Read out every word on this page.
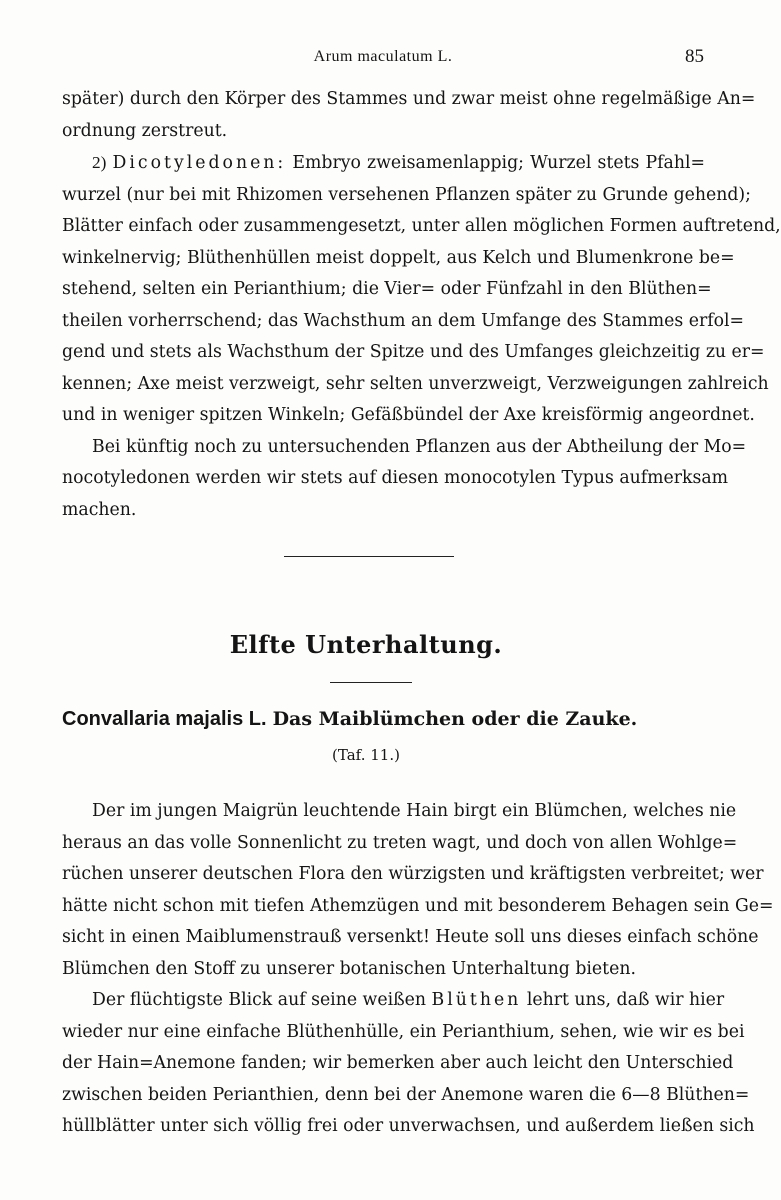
Arum maculatum L.	85
später) durch den Körper des Stammes und zwar meist ohne regelmäßige An=
ordnung zerstreut.
2) Dicotyledonen: Embryo zweisamenlappig; Wurzel stets Pfahl=
wurzel (nur bei mit Rhizomen versehenen Pflanzen später zu Grunde gehend);
Blätter einfach oder zusammengesetzt, unter allen möglichen Formen auftretend,
winkelnervig; Blüthenhüllen meist doppelt, aus Kelch und Blumenkrone be=
stehend, selten ein Perianthium; die Vier= oder Fünfzahl in den Blüthen=
theilen vorherrschend; das Wachsthum an dem Umfange des Stammes erfol=
gend und stets als Wachsthum der Spitze und des Umfanges gleichzeitig zu er=
kennen; Axe meist verzweigt, sehr selten unverzweigt, Verzweigungen zahlreich
und in weniger spitzen Winkeln; Gefäßbündel der Axe kreisförmig angeordnet.
Bei künftig noch zu untersuchenden Pflanzen aus der Abtheilung der Mo=
nocotyledonen werden wir stets auf diesen monocotylen Typus aufmerksam
machen.
Elfte Unterhaltung.
Convallaria majalis L. Das Maiblümchen oder die Zauke.
(Taf. 11.)
Der im jungen Maigrün leuchtende Hain birgt ein Blümchen, welches nie
heraus an das volle Sonnenlicht zu treten wagt, und doch von allen Wohlge=
rüchen unserer deutschen Flora den würzigsten und kräftigsten verbreitet; wer
hätte nicht schon mit tiefen Athemzügen und mit besonderem Behagen sein Ge=
sicht in einen Maiblumenstrauß versenkt! Heute soll uns dieses einfach schöne
Blümchen den Stoff zu unserer botanischen Unterhaltung bieten.
Der flüchtigste Blick auf seine weißen Blüthen lehrt uns, daß wir hier
wieder nur eine einfache Blüthenhülle, ein Perianthium, sehen, wie wir es bei
der Hain=Anemone fanden; wir bemerken aber auch leicht den Unterschied
zwischen beiden Perianthien, denn bei der Anemone waren die 6—8 Blüthen=
hüllblätter unter sich völlig frei oder unverwachsen, und außerdem ließen sich
